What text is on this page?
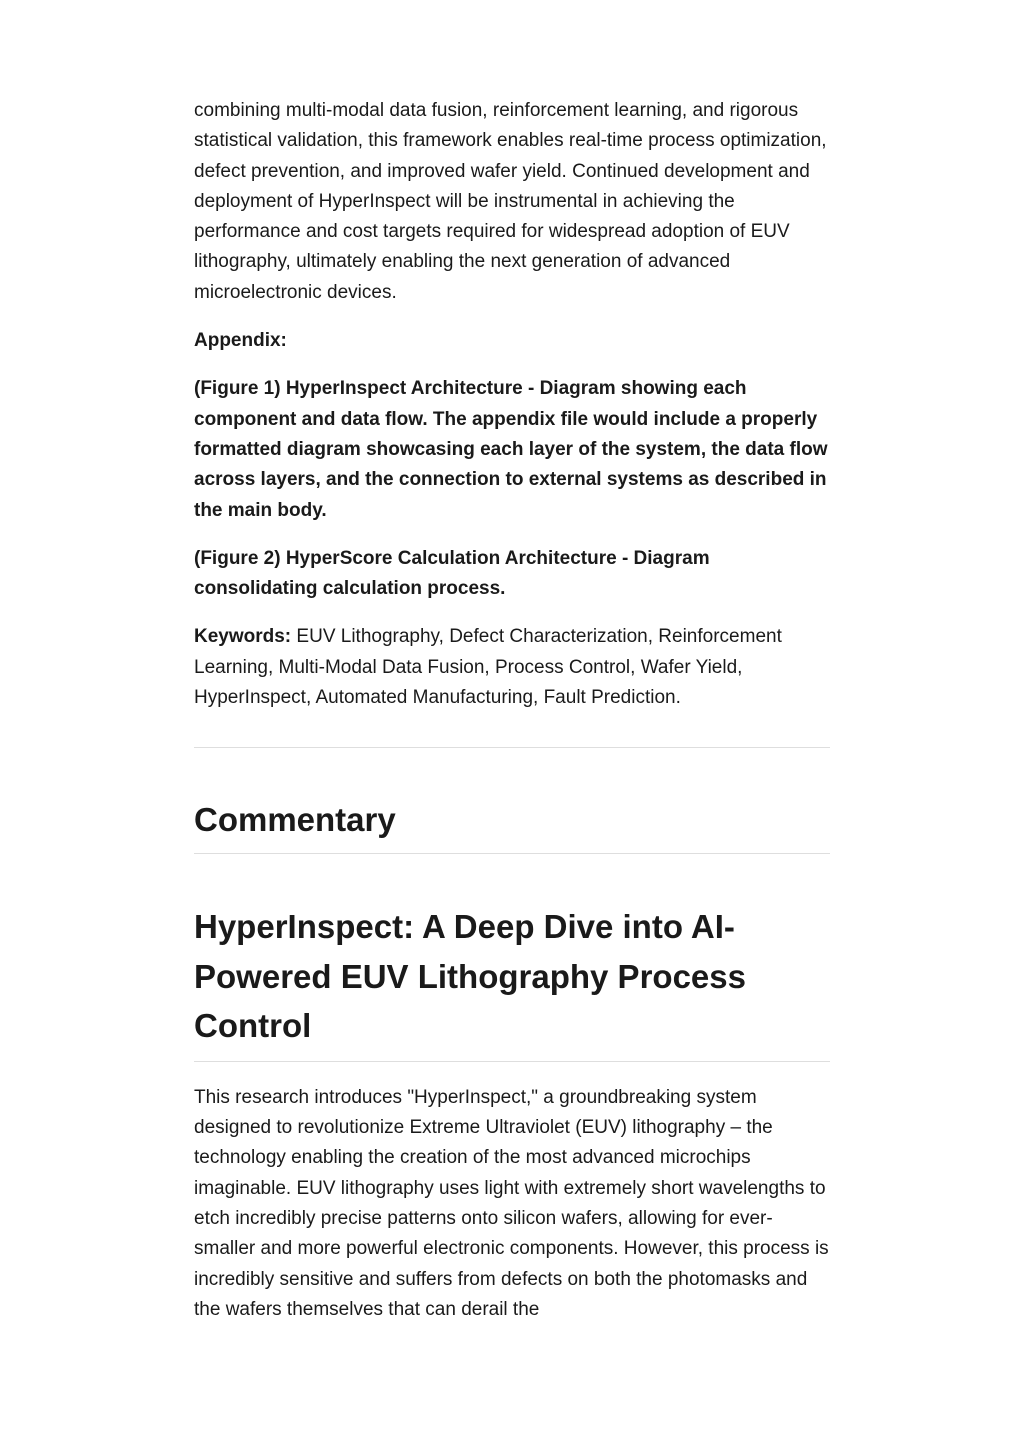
combining multi-modal data fusion, reinforcement learning, and rigorous statistical validation, this framework enables real-time process optimization, defect prevention, and improved wafer yield. Continued development and deployment of HyperInspect will be instrumental in achieving the performance and cost targets required for widespread adoption of EUV lithography, ultimately enabling the next generation of advanced microelectronic devices.

Appendix:

(Figure 1) HyperInspect Architecture - Diagram showing each component and data flow. The appendix file would include a properly formatted diagram showcasing each layer of the system, the data flow across layers, and the connection to external systems as described in the main body.

(Figure 2) HyperScore Calculation Architecture - Diagram consolidating calculation process.

Keywords: EUV Lithography, Defect Characterization, Reinforcement Learning, Multi-Modal Data Fusion, Process Control, Wafer Yield, HyperInspect, Automated Manufacturing, Fault Prediction.

Commentary
HyperInspect: A Deep Dive into AI-Powered EUV Lithography Process Control

This research introduces "HyperInspect," a groundbreaking system designed to revolutionize Extreme Ultraviolet (EUV) lithography – the technology enabling the creation of the most advanced microchips imaginable. EUV lithography uses light with extremely short wavelengths to etch incredibly precise patterns onto silicon wafers, allowing for ever-smaller and more powerful electronic components. However, this process is incredibly sensitive and suffers from defects on both the photomasks and the wafers themselves that can derail the
